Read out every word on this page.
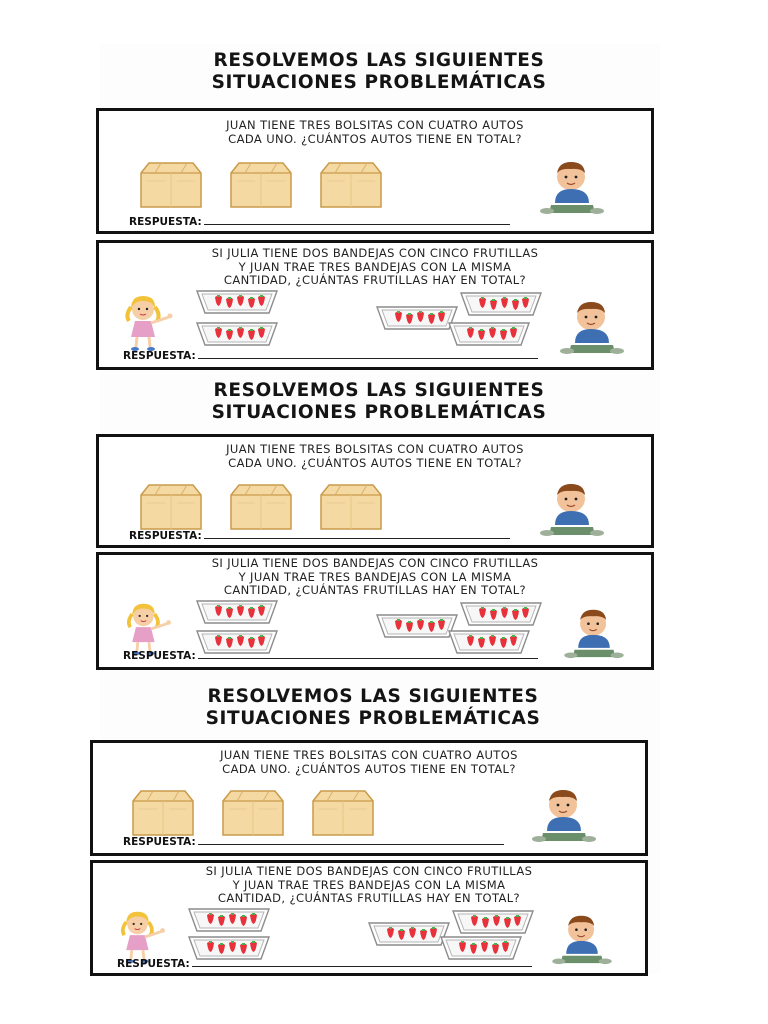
RESOLVEMOS LAS SIGUIENTES
SITUACIONES PROBLEMÁTICAS
JUAN TIENE TRES BOLSITAS CON CUATRO AUTOS
CADA UNO. ¿CUÁNTOS AUTOS TIENE EN TOTAL?
RESPUESTA:
SI JULIA TIENE DOS BANDEJAS CON CINCO FRUTILLAS
Y JUAN TRAE TRES BANDEJAS CON LA MISMA
CANTIDAD, ¿CUÁNTAS FRUTILLAS HAY EN TOTAL?
RESPUESTA:
RESOLVEMOS LAS SIGUIENTES
SITUACIONES PROBLEMÁTICAS
JUAN TIENE TRES BOLSITAS CON CUATRO AUTOS
CADA UNO. ¿CUÁNTOS AUTOS TIENE EN TOTAL?
RESPUESTA:
SI JULIA TIENE DOS BANDEJAS CON CINCO FRUTILLAS
Y JUAN TRAE TRES BANDEJAS CON LA MISMA
CANTIDAD, ¿CUÁNTAS FRUTILLAS HAY EN TOTAL?
RESPUESTA:
RESOLVEMOS LAS SIGUIENTES
SITUACIONES PROBLEMÁTICAS
JUAN TIENE TRES BOLSITAS CON CUATRO AUTOS
CADA UNO. ¿CUÁNTOS AUTOS TIENE EN TOTAL?
RESPUESTA:
SI JULIA TIENE DOS BANDEJAS CON CINCO FRUTILLAS
Y JUAN TRAE TRES BANDEJAS CON LA MISMA
CANTIDAD, ¿CUÁNTAS FRUTILLAS HAY EN TOTAL?
RESPUESTA:
